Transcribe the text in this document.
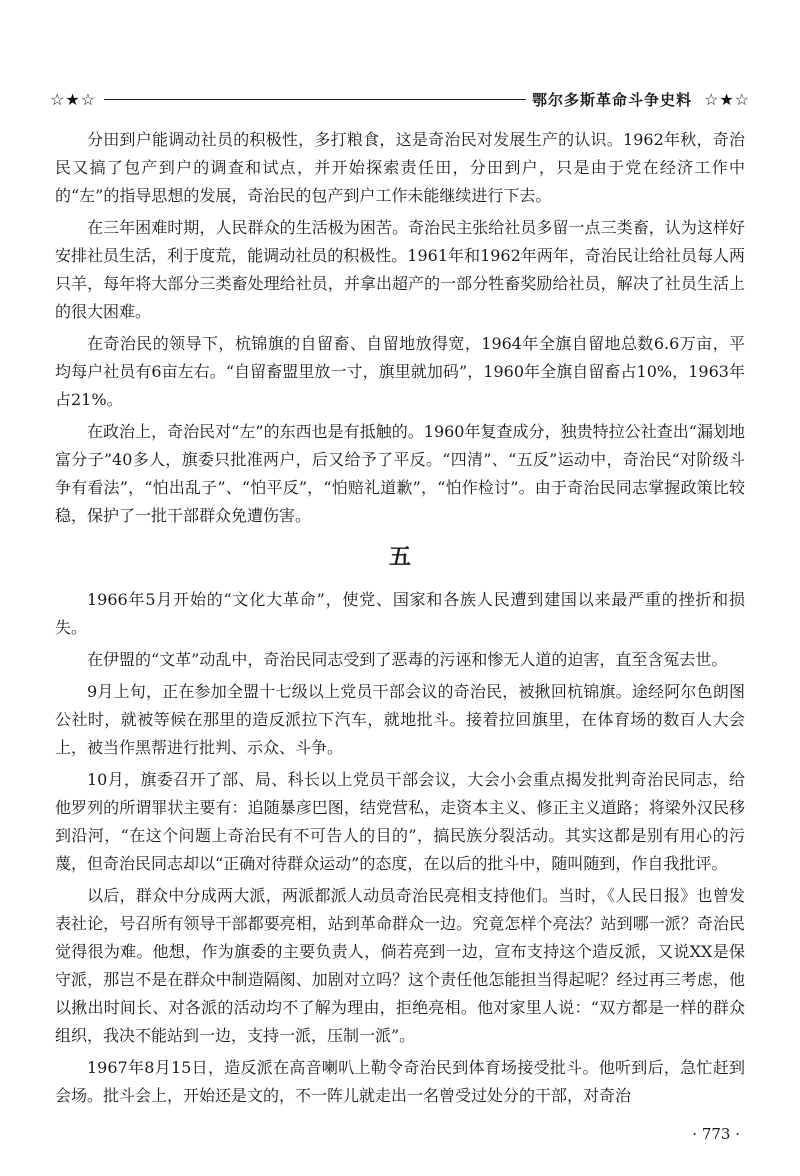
☆★☆	鄂尔多斯革命斗争史料 ☆★☆

分田到户能调动社员的积极性，多打粮食，这是奇治民对发展生产的认识。1962年秋，奇治民又搞了包产到户的调查和试点，并开始探索责任田，分田到户，只是由于党在经济工作中的“左”的指导思想的发展，奇治民的包产到户工作未能继续进行下去。

在三年困难时期，人民群众的生活极为困苦。奇治民主张给社员多留一点三类畜，认为这样好安排社员生活，利于度荒，能调动社员的积极性。1961年和1962年两年，奇治民让给社员每人两只羊，每年将大部分三类畜处理给社员，并拿出超产的一部分牲畜奖励给社员，解决了社员生活上的很大困难。

在奇治民的领导下，杭锦旗的自留畜、自留地放得宽，1964年全旗自留地总数6.6万亩，平均每户社员有6亩左右。“自留畜盟里放一寸，旗里就加码”，1960年全旗自留畜占10%，1963年占21%。

在政治上，奇治民对“左”的东西也是有抵触的。1960年复查成分，独贵特拉公社查出“漏划地富分子”40多人，旗委只批准两户，后又给予了平反。“四清”、“五反”运动中，奇治民“对阶级斗争有看法”，“怕出乱子”、“怕平反”，“怕赔礼道歉”，“怕作检讨”。由于奇治民同志掌握政策比较稳，保护了一批干部群众免遭伤害。

五

1966年5月开始的“文化大革命”，使党、国家和各族人民遭到建国以来最严重的挫折和损失。

在伊盟的“文革”动乱中，奇治民同志受到了恶毒的污诬和惨无人道的迫害，直至含冤去世。

9月上旬，正在参加全盟十七级以上党员干部会议的奇治民，被揪回杭锦旗。途经阿尔色朗图公社时，就被等候在那里的造反派拉下汽车，就地批斗。接着拉回旗里，在体育场的数百人大会上，被当作黑帮进行批判、示众、斗争。

10月，旗委召开了部、局、科长以上党员干部会议，大会小会重点揭发批判奇治民同志，给他罗列的所谓罪状主要有：追随暴彦巴图，结党营私，走资本主义、修正主义道路；将梁外汉民移到沿河，“在这个问题上奇治民有不可告人的目的”，搞民族分裂活动。其实这都是别有用心的污蔑，但奇治民同志却以“正确对待群众运动”的态度，在以后的批斗中，随叫随到，作自我批评。

以后，群众中分成两大派，两派都派人动员奇治民亮相支持他们。当时，《人民日报》也曾发表社论，号召所有领导干部都要亮相，站到革命群众一边。究竟怎样个亮法？站到哪一派？奇治民觉得很为难。他想，作为旗委的主要负责人，倘若亮到一边，宣布支持这个造反派，又说XX是保守派，那岂不是在群众中制造隔阂、加剧对立吗？这个责任他怎能担当得起呢？经过再三考虑，他以揪出时间长、对各派的活动均不了解为理由，拒绝亮相。他对家里人说：“双方都是一样的群众组织，我决不能站到一边，支持一派，压制一派”。

1967年8月15日，造反派在高音喇叭上勒令奇治民到体育场接受批斗。他听到后，急忙赶到会场。批斗会上，开始还是文的，不一阵儿就走出一名曾受过处分的干部，对奇治

· 773 ·
